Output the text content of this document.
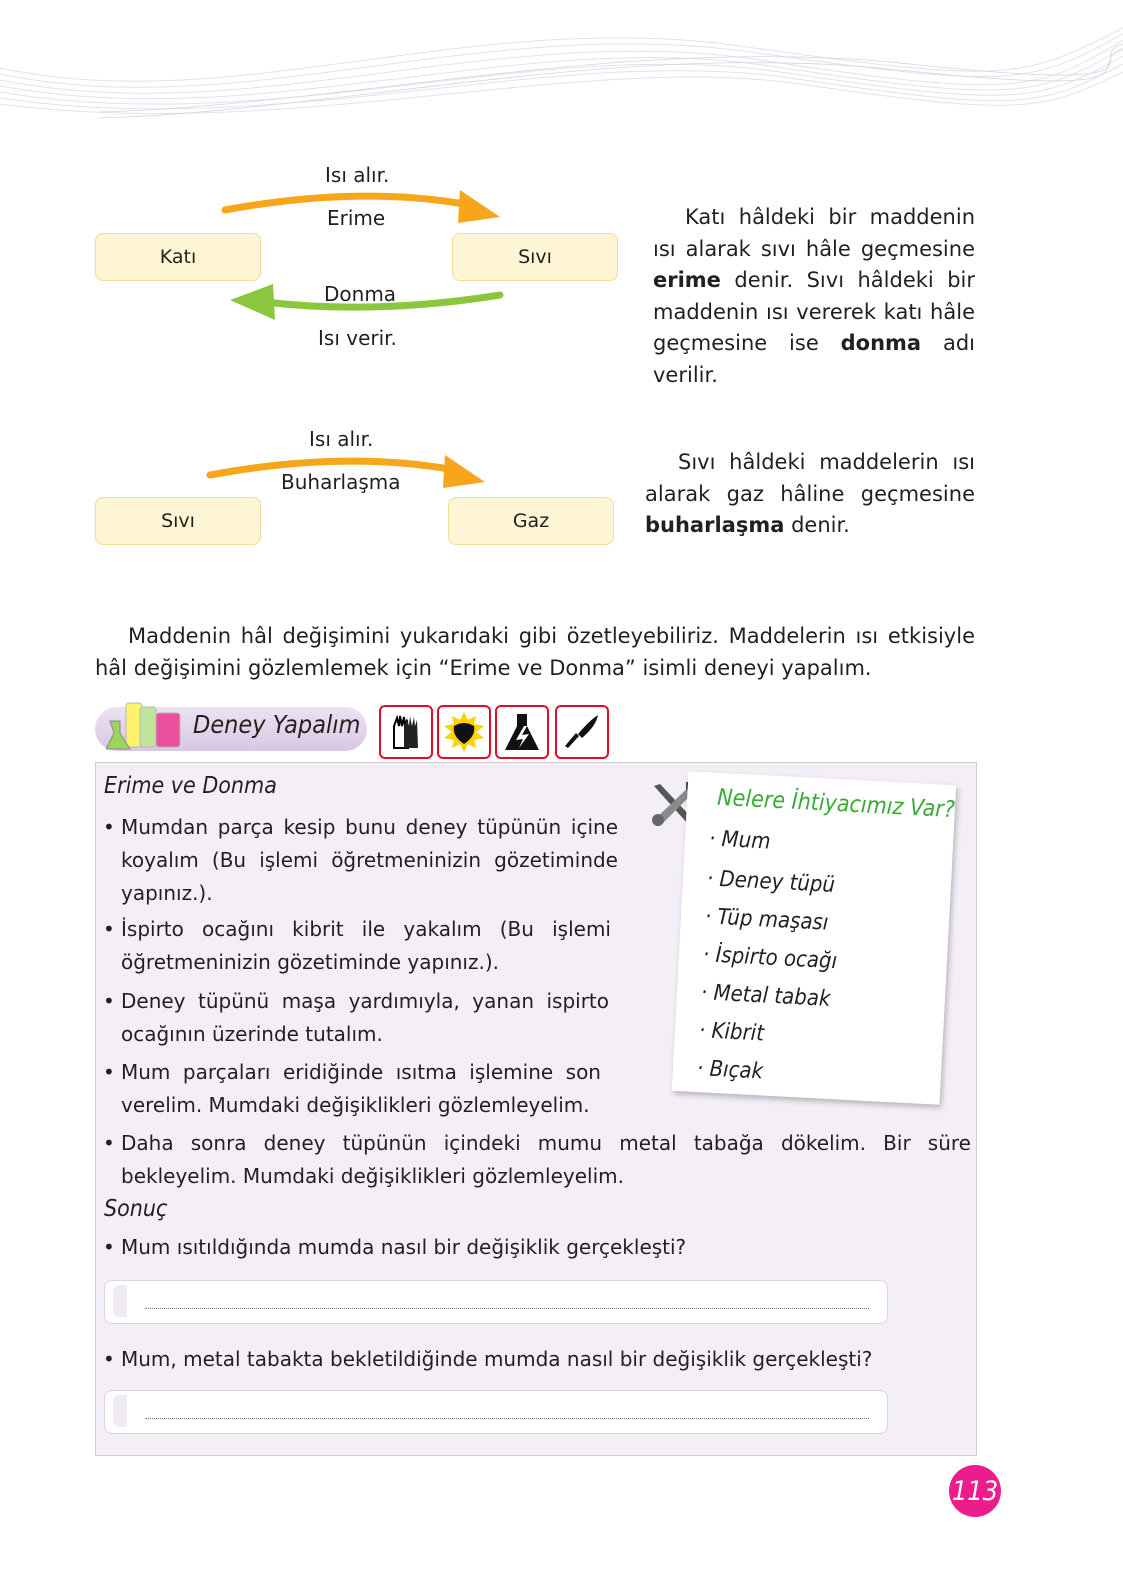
Isı alır.
Erime
Katı	Sıvı
Donma
Isı verir.
Katı hâldeki bir maddenin ısı alarak sıvı hâle geçmesine erime denir. Sıvı hâldeki bir maddenin ısı vererek katı hâle geçmesine ise donma adı verilir.
Isı alır.
Buharlaşma
Sıvı	Gaz
Sıvı hâldeki maddelerin ısı alarak gaz hâline geçmesine buharlaşma denir.
Maddenin hâl değişimini yukarıdaki gibi özetleyebiliriz. Maddelerin ısı etkisiyle hâl değişimini gözlemlemek için “Erime ve Donma” isimli deneyi yapalım.
Deney Yapalım
Erime ve Donma
• Mumdan parça kesip bunu deney tüpünün içine koyalım (Bu işlemi öğretmeninizin gözetiminde yapınız.).
• İspirto ocağını kibrit ile yakalım (Bu işlemi öğretmeninizin gözetiminde yapınız.).
• Deney tüpünü maşa yardımıyla, yanan ispirto ocağının üzerinde tutalım.
• Mum parçaları eridiğinde ısıtma işlemine son verelim. Mumdaki değişiklikleri gözlemleyelim.
• Daha sonra deney tüpünün içindeki mumu metal tabağa dökelim. Bir süre bekleyelim. Mumdaki değişiklikleri gözlemleyelim.
Nelere İhtiyacımız Var?
· Mum
· Deney tüpü
· Tüp maşası
· İspirto ocağı
· Metal tabak
· Kibrit
· Bıçak
Sonuç
• Mum ısıtıldığında mumda nasıl bir değişiklik gerçekleşti?
• Mum, metal tabakta bekletildiğinde mumda nasıl bir değişiklik gerçekleşti?
113
